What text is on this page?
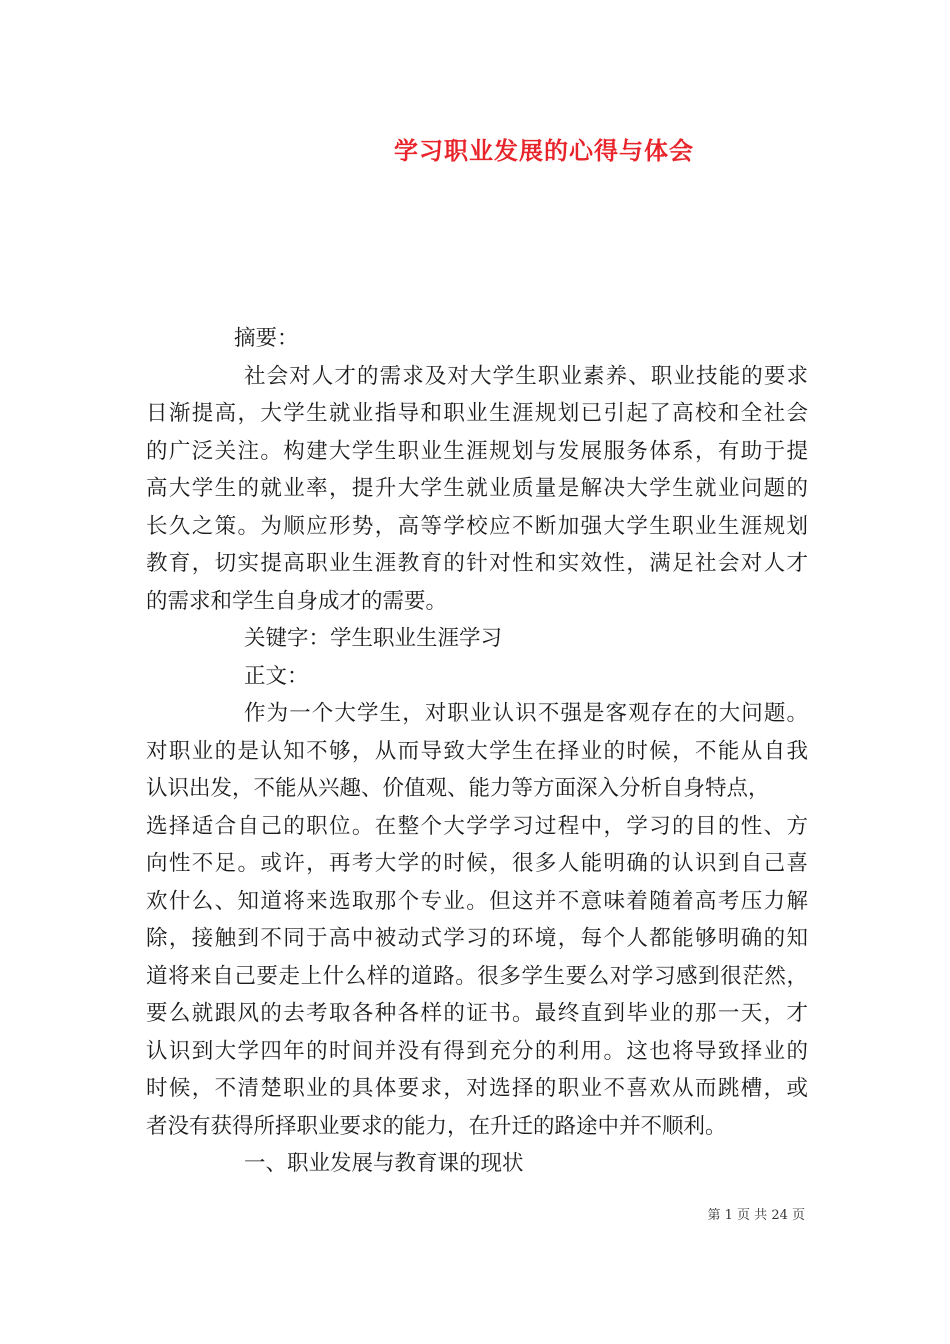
学习职业发展的心得与体会
摘要：
社会对人才的需求及对大学生职业素养、职业技能的要求
日渐提高，大学生就业指导和职业生涯规划已引起了高校和全社会
的广泛关注。构建大学生职业生涯规划与发展服务体系，有助于提
高大学生的就业率，提升大学生就业质量是解决大学生就业问题的
长久之策。为顺应形势，高等学校应不断加强大学生职业生涯规划
教育，切实提高职业生涯教育的针对性和实效性，满足社会对人才
的需求和学生自身成才的需要。
关键字：学生职业生涯学习
正文：
作为一个大学生，对职业认识不强是客观存在的大问题。
对职业的是认知不够，从而导致大学生在择业的时候，不能从自我
认识出发，不能从兴趣、价值观、能力等方面深入分析自身特点，
选择适合自己的职位。在整个大学学习过程中，学习的目的性、方
向性不足。或许，再考大学的时候，很多人能明确的认识到自己喜
欢什么、知道将来选取那个专业。但这并不意味着随着高考压力解
除，接触到不同于高中被动式学习的环境，每个人都能够明确的知
道将来自己要走上什么样的道路。很多学生要么对学习感到很茫然，
要么就跟风的去考取各种各样的证书。最终直到毕业的那一天，才
认识到大学四年的时间并没有得到充分的利用。这也将导致择业的
时候，不清楚职业的具体要求，对选择的职业不喜欢从而跳槽，或
者没有获得所择职业要求的能力，在升迁的路途中并不顺利。
一、职业发展与教育课的现状
第 1 页 共 24 页
